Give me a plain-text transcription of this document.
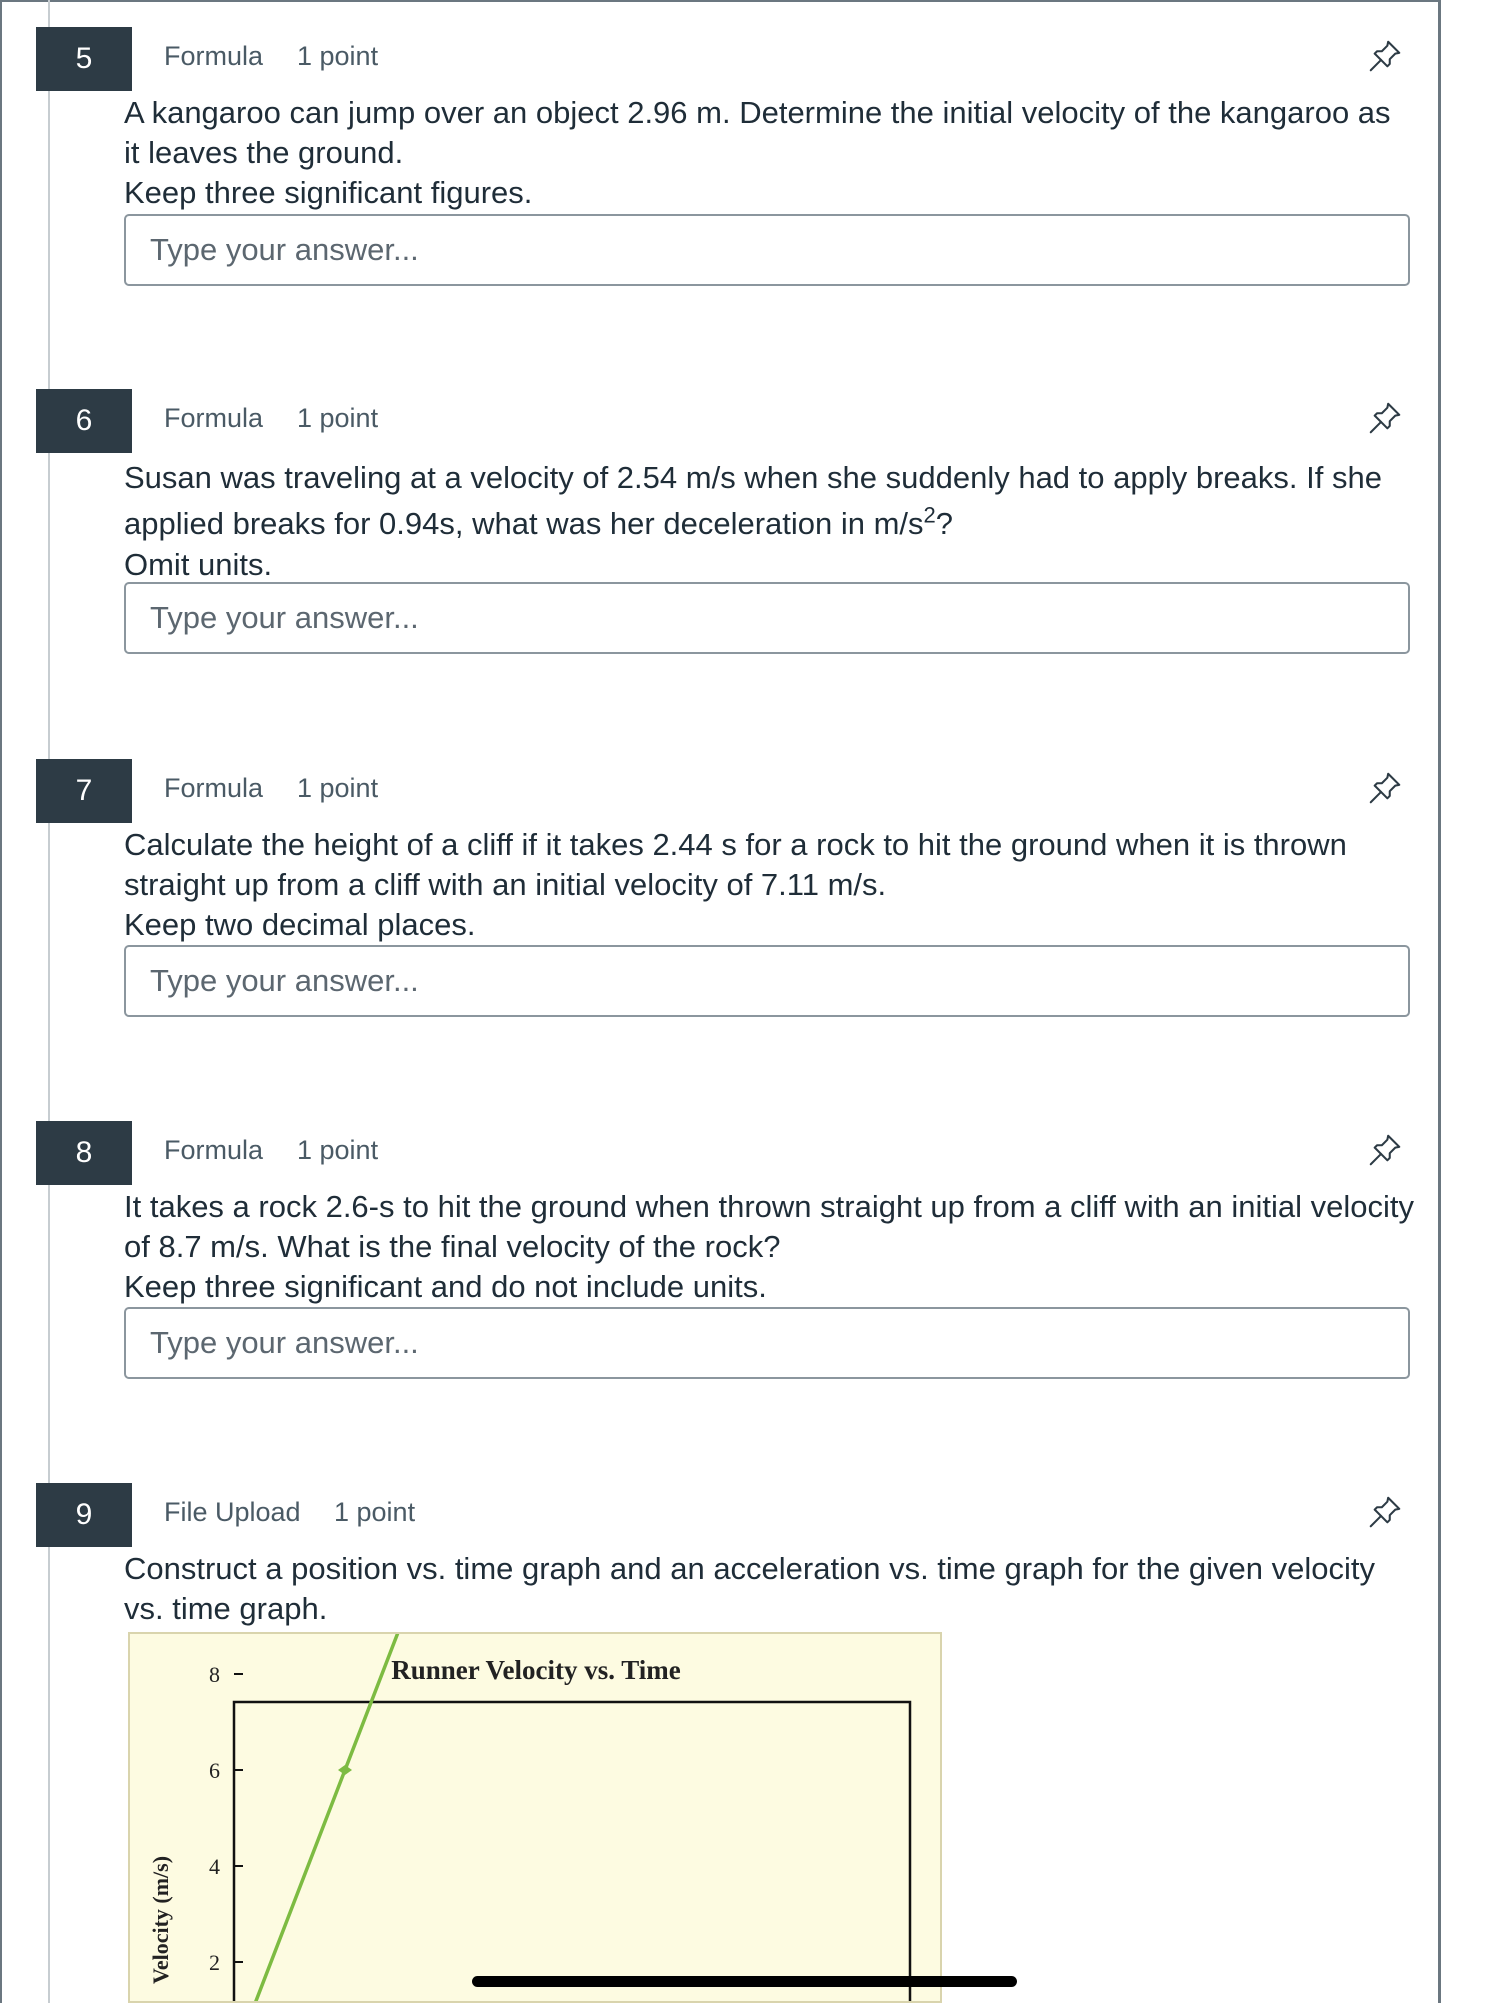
5	Formula 1 point

A kangaroo can jump over an object 2.96 m. Determine the initial velocity of the kangaroo as it leaves the ground.

Keep three significant figures.

Type your answer...
6	Formula 1 point

Susan was traveling at a velocity of 2.54 m/s when she suddenly had to apply breaks. If she applied breaks for 0.94s, what was her deceleration in $m/s^2$?

Omit units.

Type your answer...
7	Formula 1 point

Calculate the height of a cliff if it takes 2.44 s for a rock to hit the ground when it is thrown straight up from a cliff with an initial velocity of 7.11 m/s.

Keep two decimal places.

Type your answer...
8	Formula 1 point

It takes a rock 2.6-s to hit the ground when thrown straight up from a cliff with an initial velocity of 8.7 m/s. What is the final velocity of the rock?

Keep three significant and do not include units.

Type your answer...
9	File Upload 1 point

Construct a position vs. time graph and an acceleration vs. time graph for the given velocity vs. time graph.

Runner Velocity vs. Time
Velocity (m/s)
8
6
4
2
